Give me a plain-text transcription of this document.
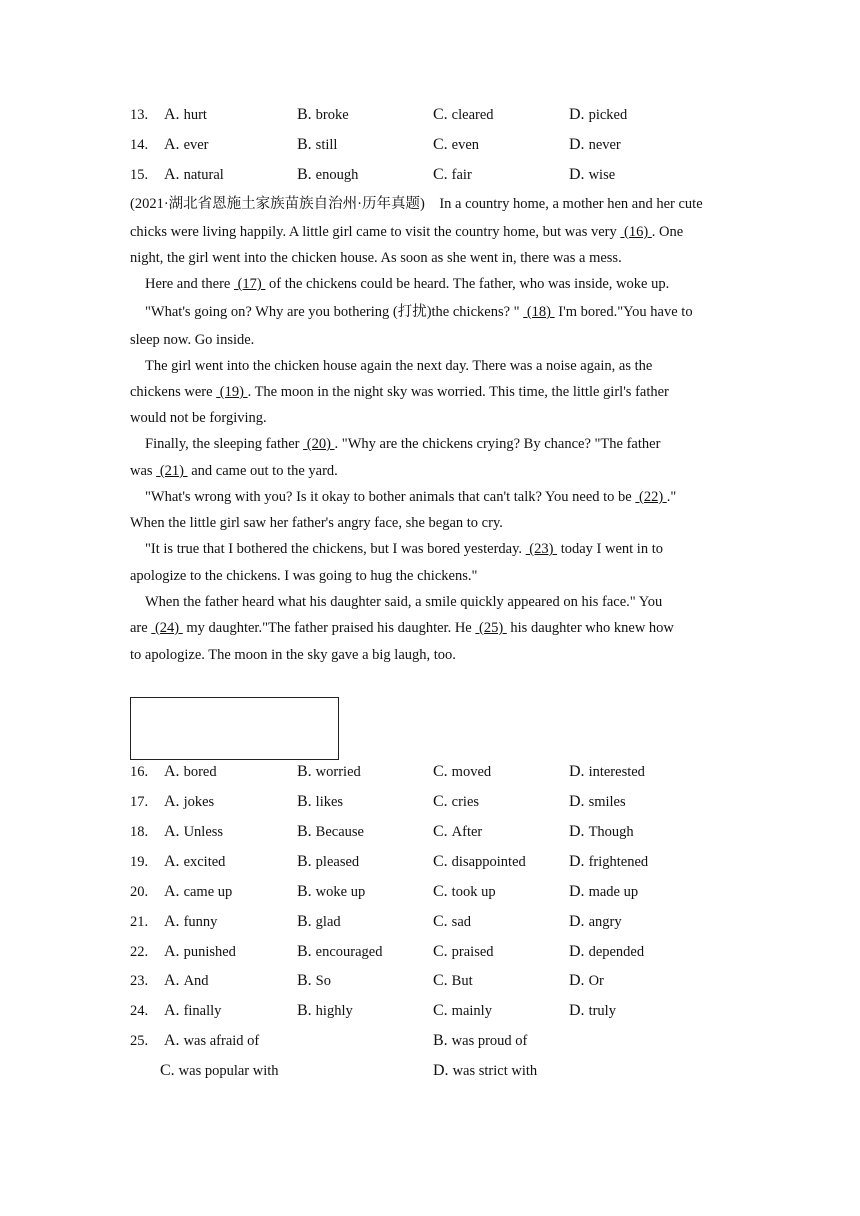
13. A. hurt	B. broke	C. cleared	D. picked
14. A. ever	B. still	C. even	D. never
15. A. natural	B. enough	C. fair	D. wise
(2021·湖北省恩施土家族苗族自治州·历年真题) In a country home, a mother hen and her cute
chicks were living happily. A little girl came to visit the country home, but was very  (16) . One
night, the girl went into the chicken house. As soon as she went in, there was a mess.
Here and there  (17)  of the chickens could be heard. The father, who was inside, woke up.
"What's going on? Why are you bothering (打扰)the chickens? "  (18)  I'm bored."You have to
sleep now. Go inside.
The girl went into the chicken house again the next day. There was a noise again, as the
chickens were  (19) . The moon in the night sky was worried. This time, the little girl's father
would not be forgiving.
Finally, the sleeping father  (20) . "Why are the chickens crying? By chance? "The father
was  (21)  and came out to the yard.
"What's wrong with you? Is it okay to bother animals that can't talk? You need to be  (22) ."
When the little girl saw her father's angry face, she began to cry.
"It is true that I bothered the chickens, but I was bored yesterday.  (23)  today I went in to
apologize to the chickens. I was going to hug the chickens."
When the father heard what his daughter said, a smile quickly appeared on his face." You
are  (24)  my daughter."The father praised his daughter. He  (25)  his daughter who knew how
to apologize. The moon in the sky gave a big laugh, too.
16. A. bored	B. worried	C. moved	D. interested
17. A. jokes	B. likes	C. cries	D. smiles
18. A. Unless	B. Because	C. After	D. Though
19. A. excited	B. pleased	C. disappointed	D. frightened
20. A. came up	B. woke up	C. took up	D. made up
21. A. funny	B. glad	C. sad	D. angry
22. A. punished	B. encouraged	C. praised	D. depended
23. A. And	B. So	C. But	D. Or
24. A. finally	B. highly	C. mainly	D. truly
25. A. was afraid of	B. was proud of
C. was popular with	D. was strict with
